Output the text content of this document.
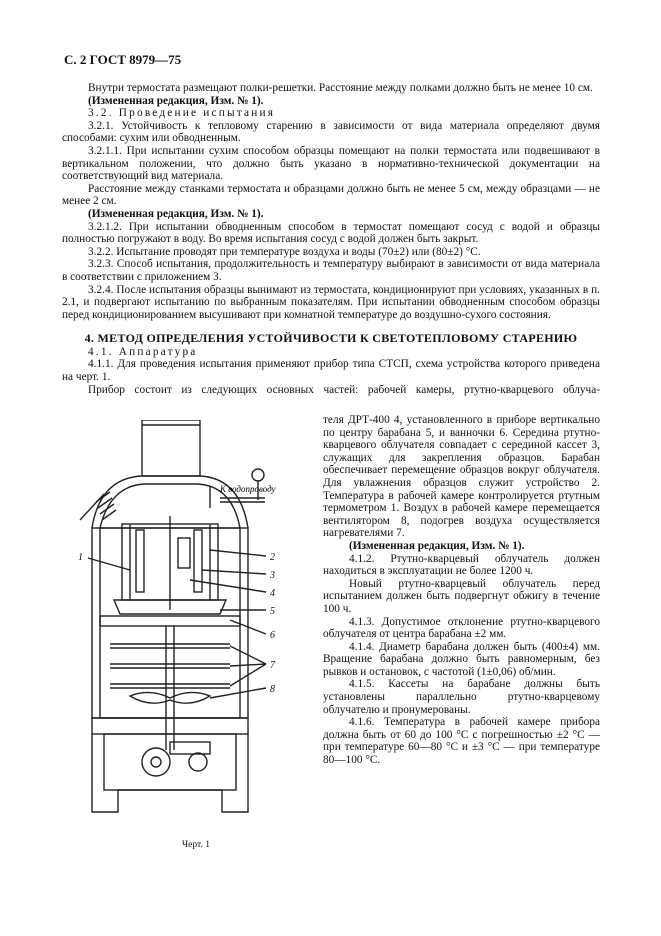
С. 2 ГОСТ 8979—75

Внутри термостата размещают полки-решетки. Расстояние между полками должно быть не менее 10 см.

(Измененная редакция, Изм. № 1).

3.2. Проведение испытания

3.2.1. Устойчивость к тепловому старению в зависимости от вида материала определяют двумя способами: сухим или обводненным.

3.2.1.1. При испытании сухим способом образцы помещают на полки термостата или подвешивают в вертикальном положении, что должно быть указано в нормативно-технической документации на соответствующий вид материала.

Расстояние между станками термостата и образцами должно быть не менее 5 см, между образцами — не менее 2 см.

(Измененная редакция, Изм. № 1).

3.2.1.2. При испытании обводненным способом в термостат помещают сосуд с водой и образцы полностью погружают в воду. Во время испытания сосуд с водой должен быть закрыт.

3.2.2. Испытание проводят при температуре воздуха и воды (70±2) или (80±2) °С.

3.2.3. Способ испытания, продолжительность и температуру выбирают в зависимости от вида материала в соответствии с приложением 3.

3.2.4. После испытания образцы вынимают из термостата, кондиционируют при условиях, указанных в п. 2.1, и подвергают испытанию по выбранным показателям. При испытании обводненным способом образцы перед кондиционированием высушивают при комнатной температуре до воздушно-сухого состояния.

4. МЕТОД ОПРЕДЕЛЕНИЯ УСТОЙЧИВОСТИ К СВЕТОТЕПЛОВОМУ СТАРЕНИЮ

4.1. Аппаратура

4.1.1. Для проведения испытания применяют прибор типа СТСП, схема устройства которого приведена на черт. 1.

Прибор состоит из следующих основных частей: рабочей камеры, ртутно-кварцевого облуча-

К водопроводу
1	2
3
4
5
6
7
8
Черт. 1

теля ДРТ-400 4, установленного в приборе вертикально по центру барабана 5, и ванночки 6. Середина ртутно-кварцевого облучателя совпадает с серединой кассет 3, служащих для закрепления образцов. Барабан обеспечивает перемещение образцов вокруг облучателя. Для увлажнения образцов служит устройство 2. Температура в рабочей камере контролируется ртутным термометром 1. Воздух в рабочей камере перемещается вентилятором 8, подогрев воздуха осуществляется нагревателями 7.

(Измененная редакция, Изм. № 1).

4.1.2. Ртутно-кварцевый облучатель должен находиться в эксплуатации не более 1200 ч.

Новый ртутно-кварцевый облучатель перед испытанием должен быть подвергнут обжигу в течение 100 ч.

4.1.3. Допустимое отклонение ртутно-кварцевого облучателя от центра барабана ±2 мм.

4.1.4. Диаметр барабана должен быть (400±4) мм. Вращение барабана должно быть равномерным, без рывков и остановок, с частотой (1±0,06) об/мин.

4.1.5. Кассеты на барабане должны быть установлены параллельно ртутно-кварцевому облучателю и пронумерованы.

4.1.6. Температура в рабочей камере прибора должна быть от 60 до 100 °С с погрешностью ±2 °С — при температуре 60—80 °С и ±3 °С — при температуре 80—100 °С.
